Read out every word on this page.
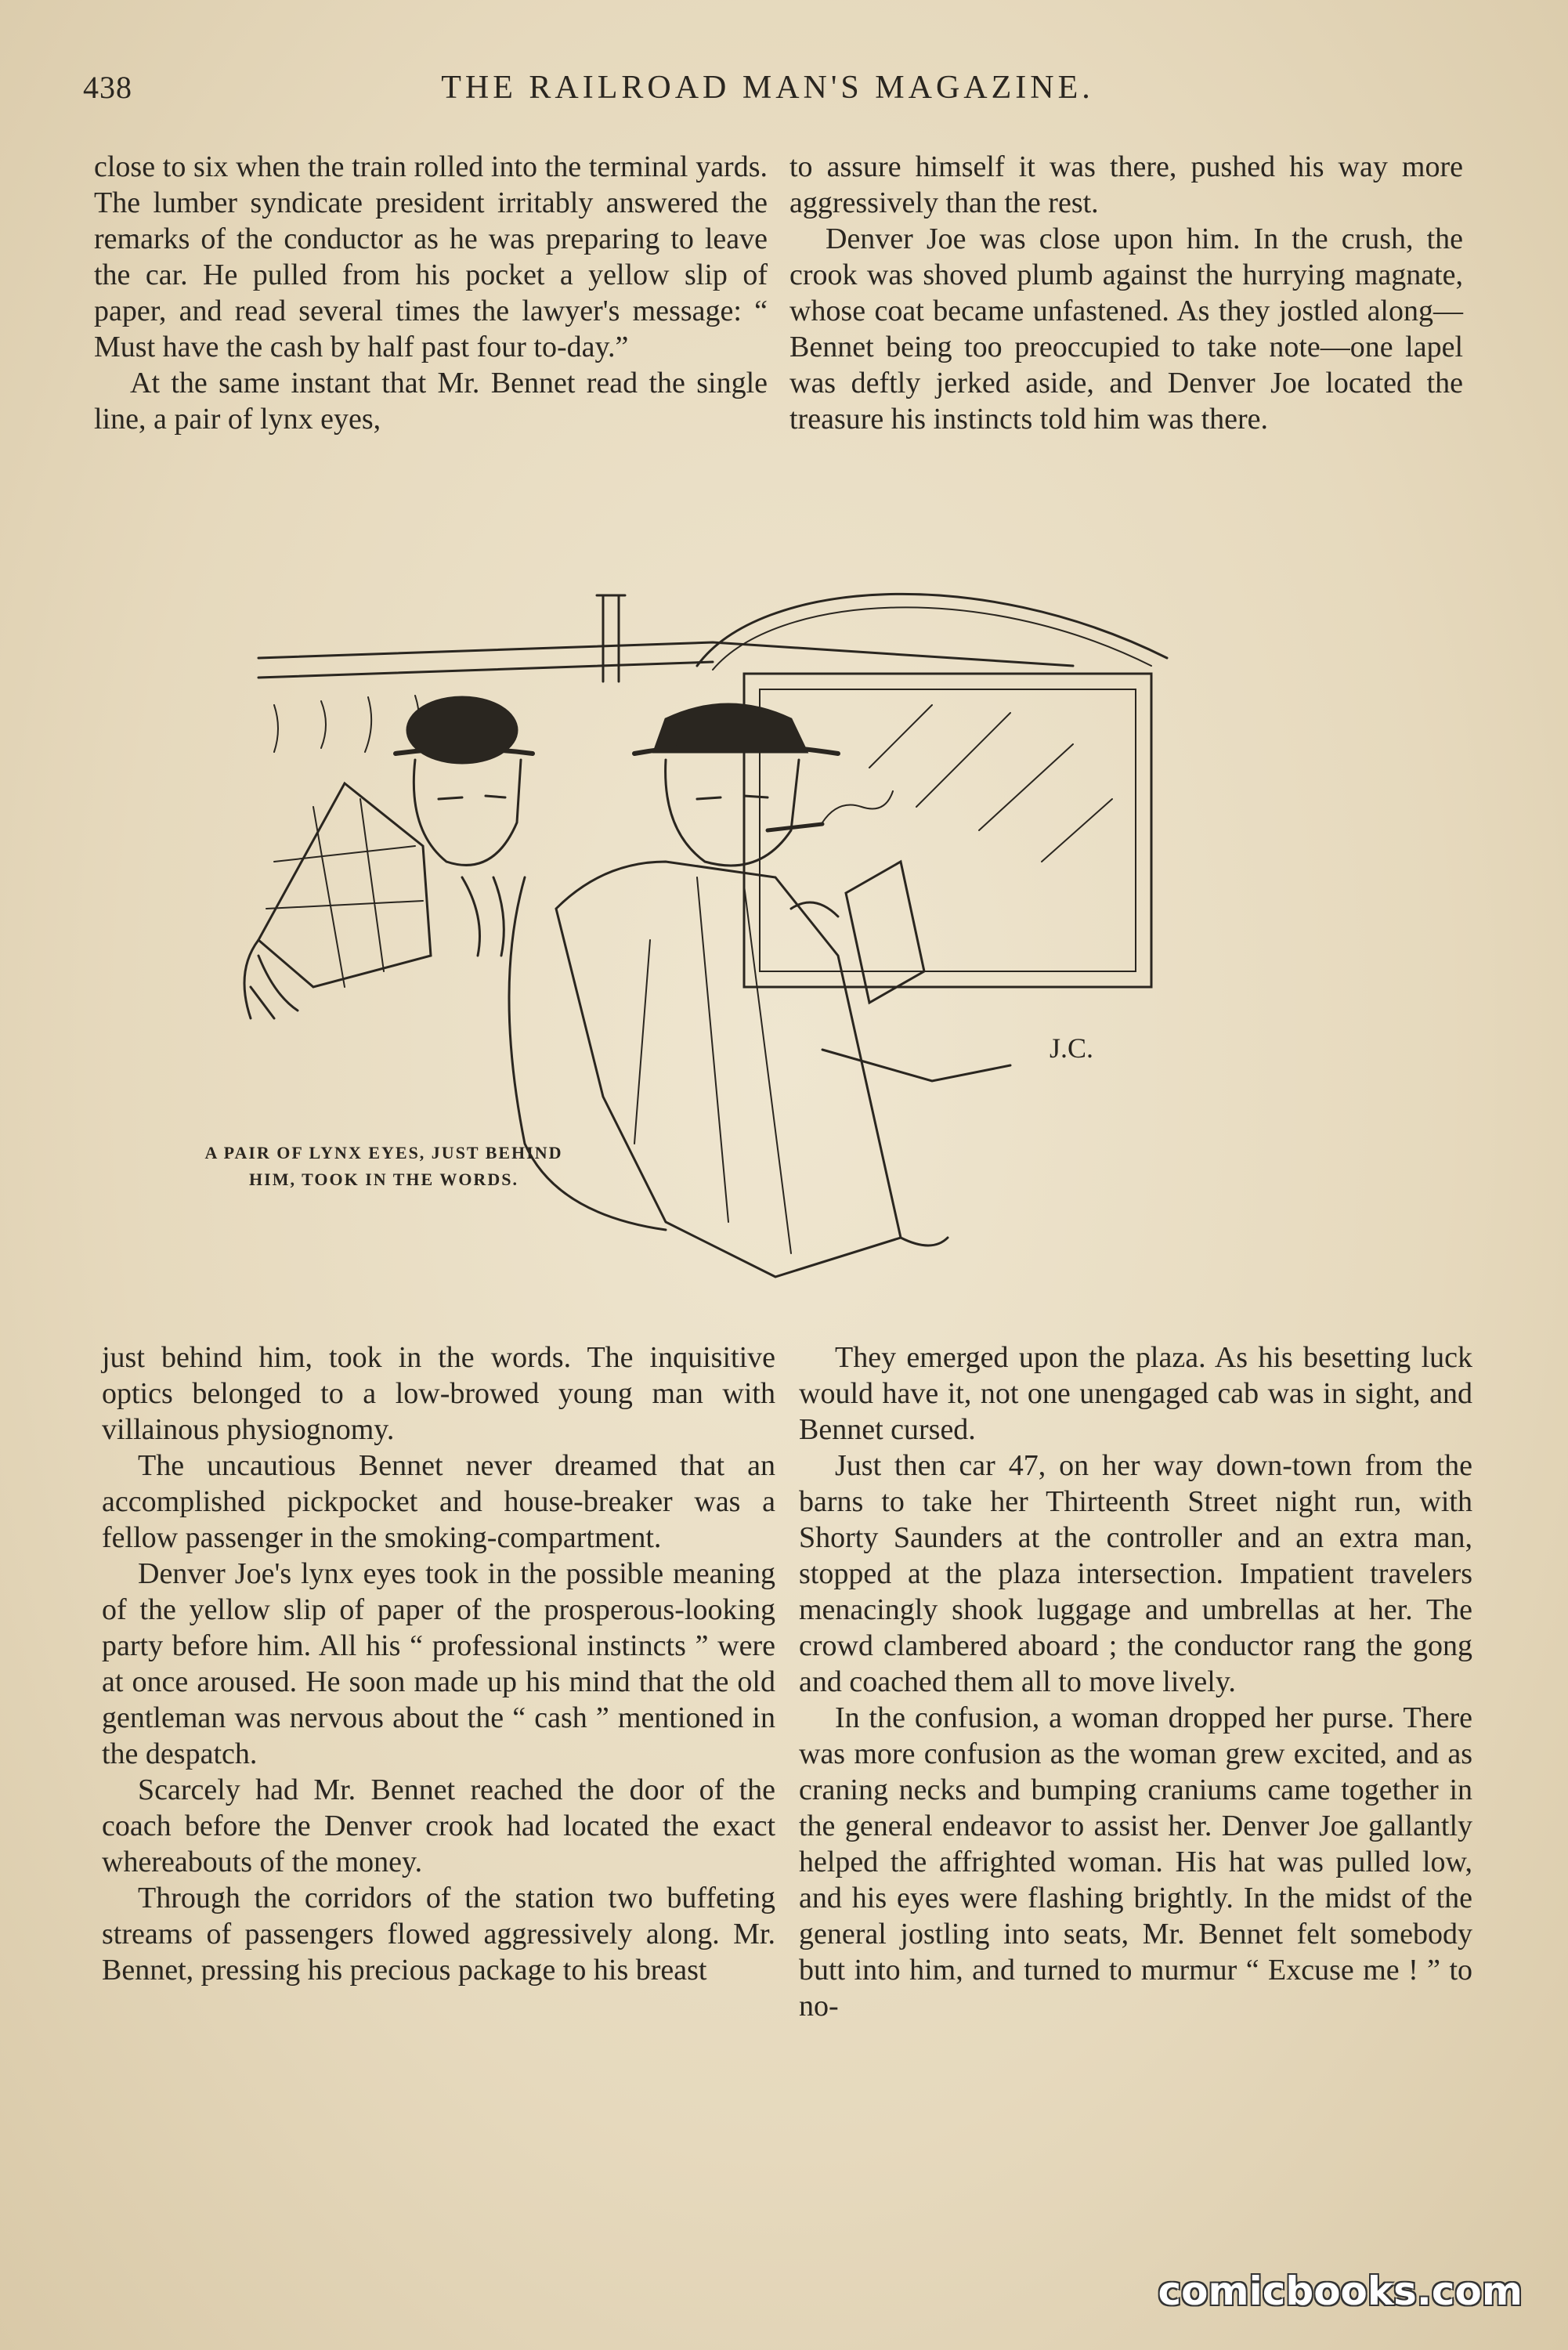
438	THE RAILROAD MAN'S MAGAZINE.

close to six when the train rolled into the terminal yards. The lumber syndicate president irritably answered the remarks of the conductor as he was preparing to leave the car. He pulled from his pocket a yellow slip of paper, and read several times the lawyer's message: “ Must have the cash by half past four to-day.”

At the same instant that Mr. Bennet read the single line, a pair of lynx eyes,

to assure himself it was there, pushed his way more aggressively than the rest.

Denver Joe was close upon him. In the crush, the crook was shoved plumb against the hurrying magnate, whose coat became unfastened. As they jostled along—Bennet being too preoccupied to take note—one lapel was deftly jerked aside, and Denver Joe located the treasure his instincts told him was there.

J.C.
A PAIR OF LYNX EYES, JUST BEHIND
HIM, TOOK IN THE WORDS.

just behind him, took in the words. The inquisitive optics belonged to a low-browed young man with villainous physiognomy.

The uncautious Bennet never dreamed that an accomplished pickpocket and house-breaker was a fellow passenger in the smoking-compartment.

Denver Joe's lynx eyes took in the possible meaning of the yellow slip of paper of the prosperous-looking party before him. All his “ professional instincts ” were at once aroused. He soon made up his mind that the old gentleman was nervous about the “ cash ” mentioned in the despatch.

Scarcely had Mr. Bennet reached the door of the coach before the Denver crook had located the exact whereabouts of the money.

Through the corridors of the station two buffeting streams of passengers flowed aggressively along. Mr. Bennet, pressing his precious package to his breast

They emerged upon the plaza. As his besetting luck would have it, not one unengaged cab was in sight, and Bennet cursed.

Just then car 47, on her way down-town from the barns to take her Thirteenth Street night run, with Shorty Saunders at the controller and an extra man, stopped at the plaza intersection. Impatient travelers menacingly shook luggage and umbrellas at her. The crowd clambered aboard ; the conductor rang the gong and coached them all to move lively.

In the confusion, a woman dropped her purse. There was more confusion as the woman grew excited, and as craning necks and bumping craniums came together in the general endeavor to assist her. Denver Joe gallantly helped the affrighted woman. His hat was pulled low, and his eyes were flashing brightly. In the midst of the general jostling into seats, Mr. Bennet felt somebody butt into him, and turned to murmur “ Excuse me ! ” to no-

comicbooks.com
